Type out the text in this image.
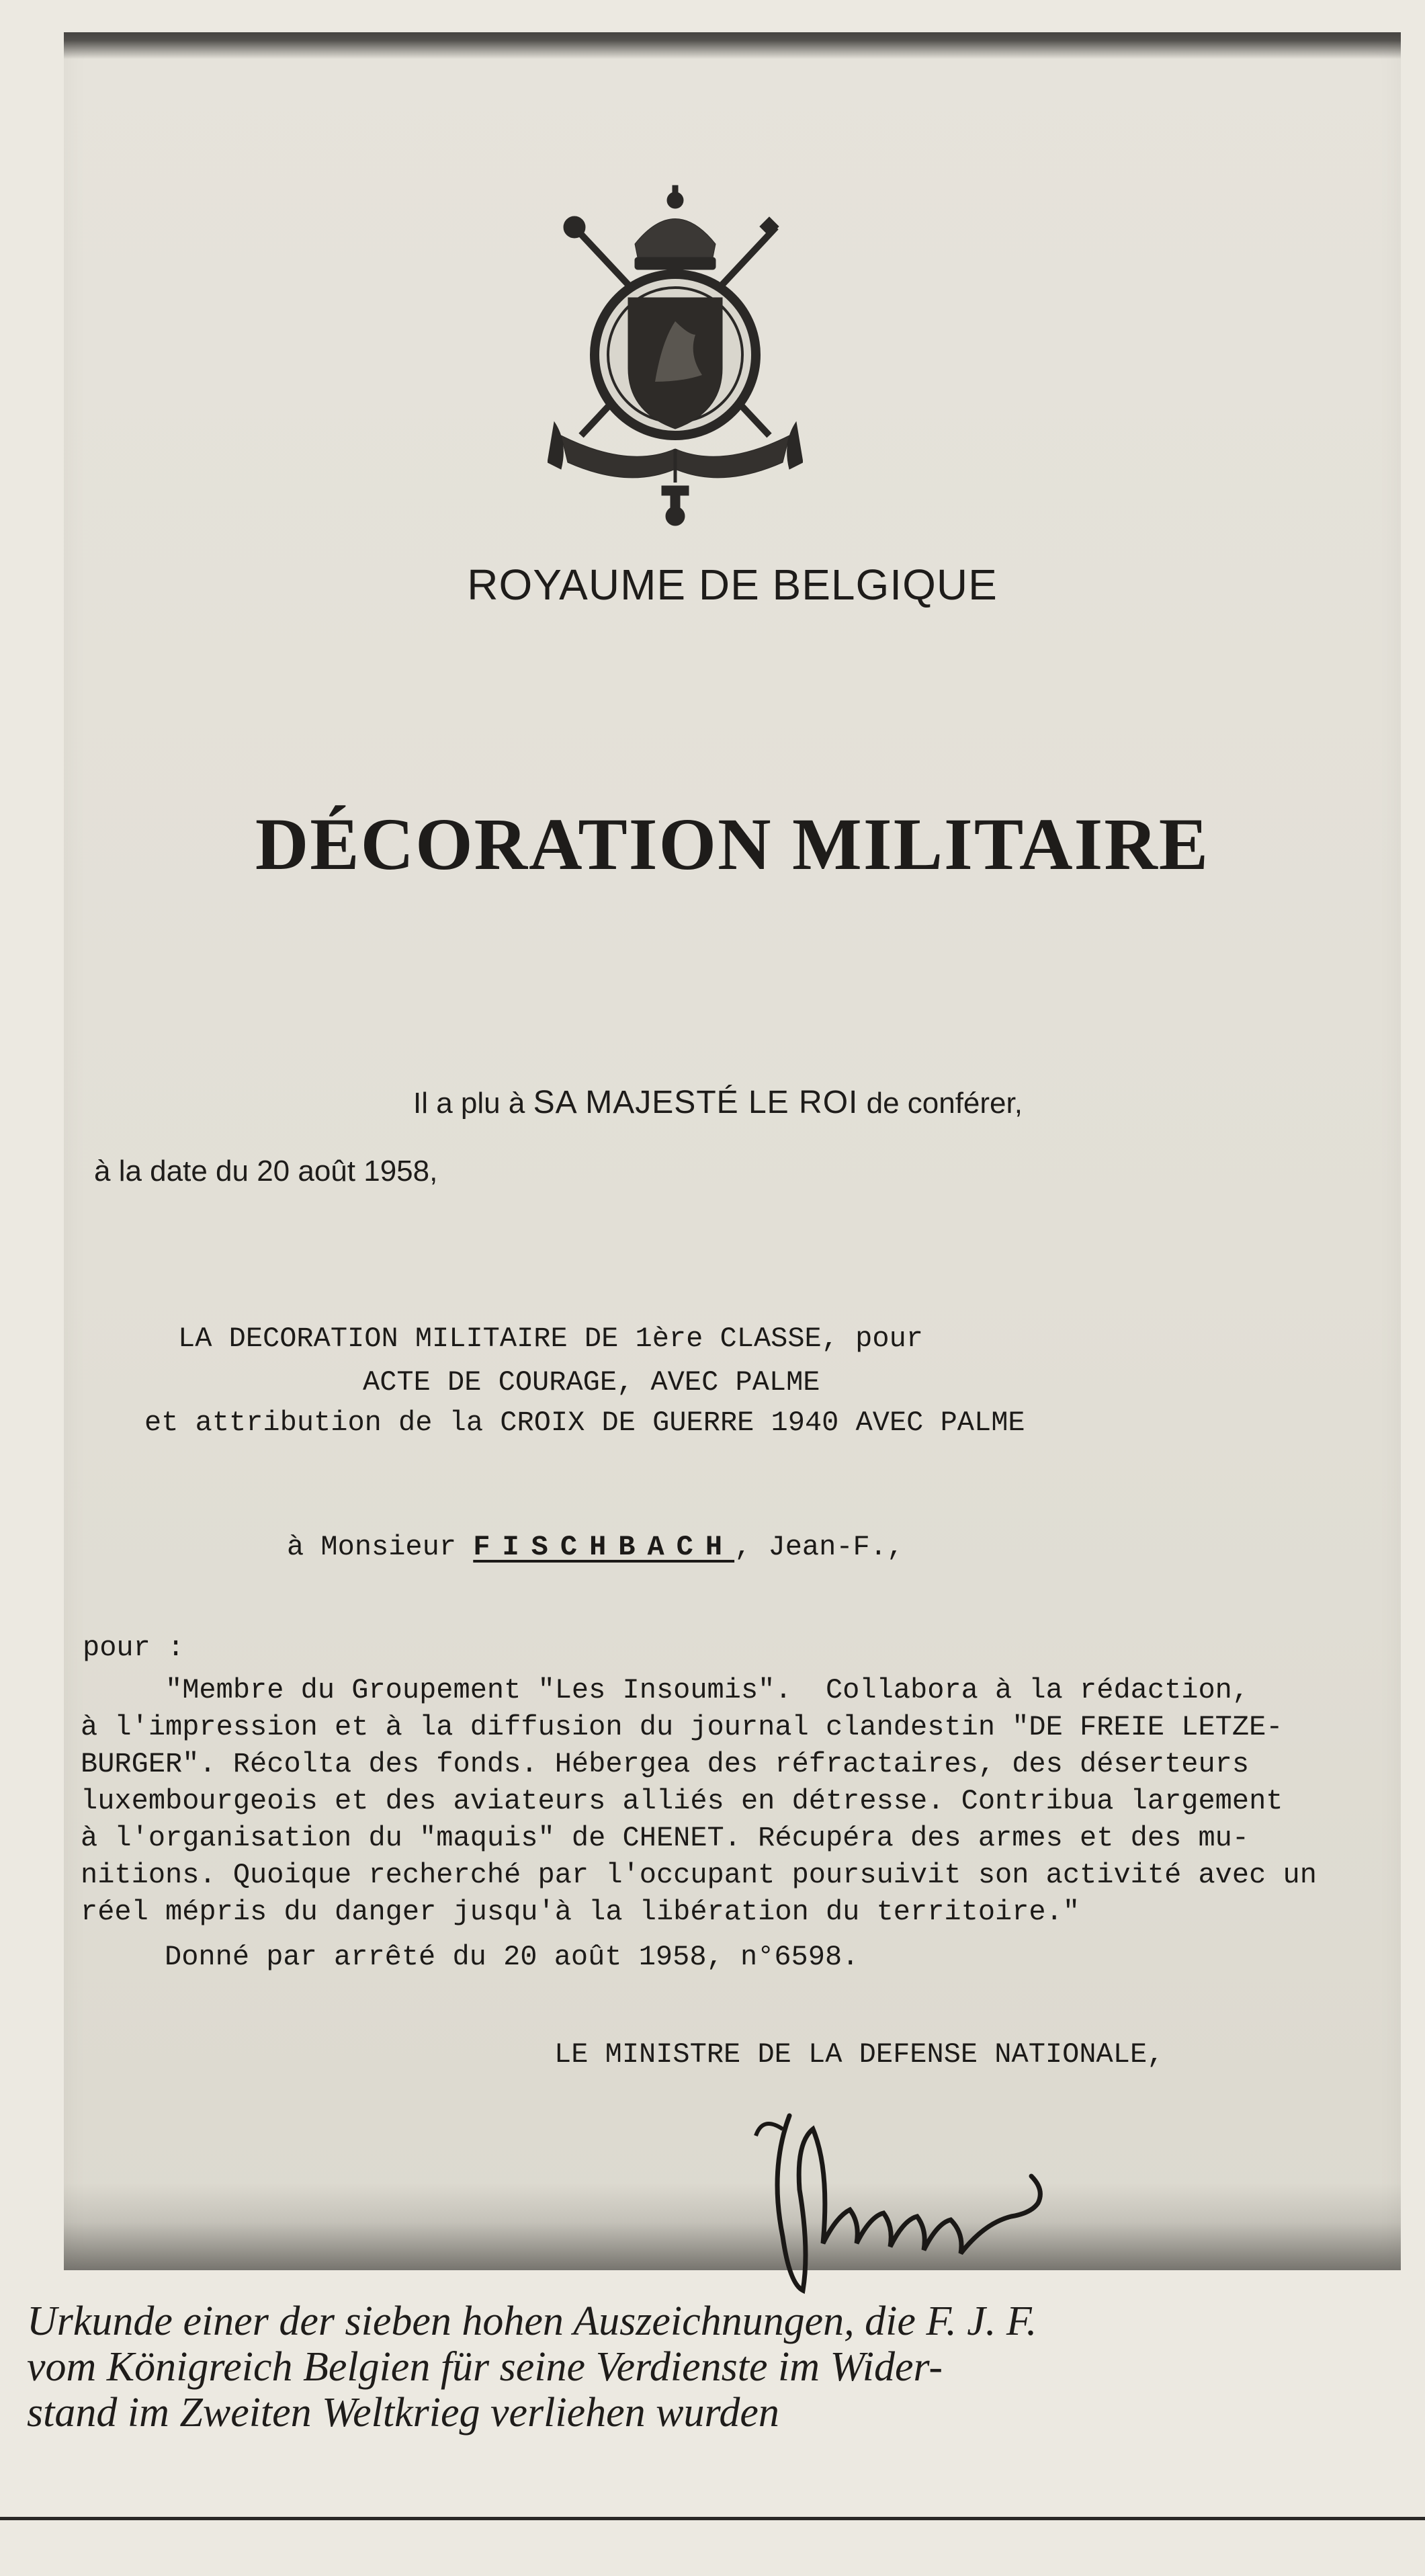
ROYAUME DE BELGIQUE
DÉCORATION MILITAIRE
Il a plu à SA MAJESTÉ LE ROI de conférer,
à la date du 20 août 1958,
LA DECORATION MILITAIRE DE 1ère CLASSE, pour
ACTE DE COURAGE, AVEC PALME
et attribution de la CROIX DE GUERRE 1940 AVEC PALME
à Monsieur FISCHBACH, Jean-F.,
pour :
"Membre du Groupement "Les Insoumis".  Collabora à la rédaction,
à l'impression et à la diffusion du journal clandestin "DE FREIE LETZE-
BURGER". Récolta des fonds. Hébergea des réfractaires, des déserteurs
luxembourgeois et des aviateurs alliés en détresse. Contribua largement
à l'organisation du "maquis" de CHENET. Récupéra des armes et des mu-
nitions. Quoique recherché par l'occupant poursuivit son activité avec un
réel mépris du danger jusqu'à la libération du territoire."
Donné par arrêté du 20 août 1958, n°6598.
LE MINISTRE DE LA DEFENSE NATIONALE,
Urkunde einer der sieben hohen Auszeichnungen, die F. J. F.
vom Königreich Belgien für seine Verdienste im Wider-
stand im Zweiten Weltkrieg verliehen wurden
